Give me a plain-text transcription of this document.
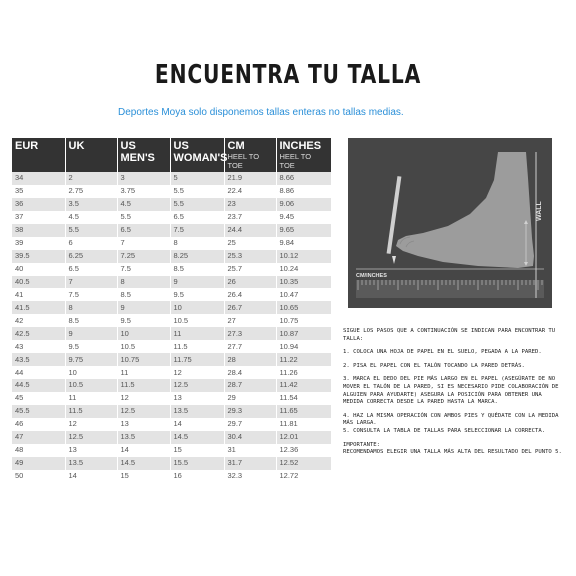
ENCUENTRA TU TALLA
Deportes Moya solo disponemos tallas enteras no tallas medias.
EUR	UK	US MEN'S	US WOMAN'S	CM
HEEL TO TOE	INCHES
HEEL TO TOE

34	2	3	5	21.9	8.66
35	2.75	3.75	5.5	22.4	8.86
36	3.5	4.5	5.5	23	9.06
37	4.5	5.5	6.5	23.7	9.45
38	5.5	6.5	7.5	24.4	9.65
39	6	7	8	25	9.84
39.5	6.25	7.25	8.25	25.3	10.12
40	6.5	7.5	8.5	25.7	10.24
40.5	7	8	9	26	10.35
41	7.5	8.5	9.5	26.4	10.47
41.5	8	9	10	26.7	10.65
42	8.5	9.5	10.5	27	10.75
42.5	9	10	11	27.3	10.87
43	9.5	10.5	11.5	27.7	10.94
43.5	9.75	10.75	11.75	28	11.22
44	10	11	12	28.4	11.26
44.5	10.5	11.5	12.5	28.7	11.42
45	11	12	13	29	11.54
45.5	11.5	12.5	13.5	29.3	11.65
46	12	13	14	29.7	11.81
47	12.5	13.5	14.5	30.4	12.01
48	13	14	15	31	12.36
49	13.5	14.5	15.5	31.7	12.52
50	14	15	16	32.3	12.72
WALL
CM/INCHES

SIGUE LOS PASOS QUE A CONTINUACIÓN SE INDICAN PARA ENCONTRAR TU TALLA:

1. COLOCA UNA HOJA DE PAPEL EN EL SUELO, PEGADA A LA PARED.

2. PISA EL PAPEL CON EL TALÓN TOCANDO LA PARED DETRÁS.

3. MARCA EL DEDO DEL PIE MÁS LARGO EN EL PAPEL (ASEGÚRATE DE NO MOVER EL TALÓN DE LA PARED, SI ES NECESARIO PIDE COLABORACIÓN DE ALGUIEN PARA AYUDARTE) ASEGURA LA POSICIÓN PARA OBTENER UNA MEDIDA CORRECTA DESDE LA PARED HASTA LA MARCA.

4. HAZ LA MISMA OPERACIÓN CON AMBOS PIES Y QUÉDATE CON LA MEDIDA MÁS LARGA.

5. CONSULTA LA TABLA DE TALLAS PARA SELECCIONAR LA CORRECTA.

IMPORTANTE:

RECOMENDAMOS ELEGIR UNA TALLA MÁS ALTA DEL RESULTADO DEL PUNTO 5.
